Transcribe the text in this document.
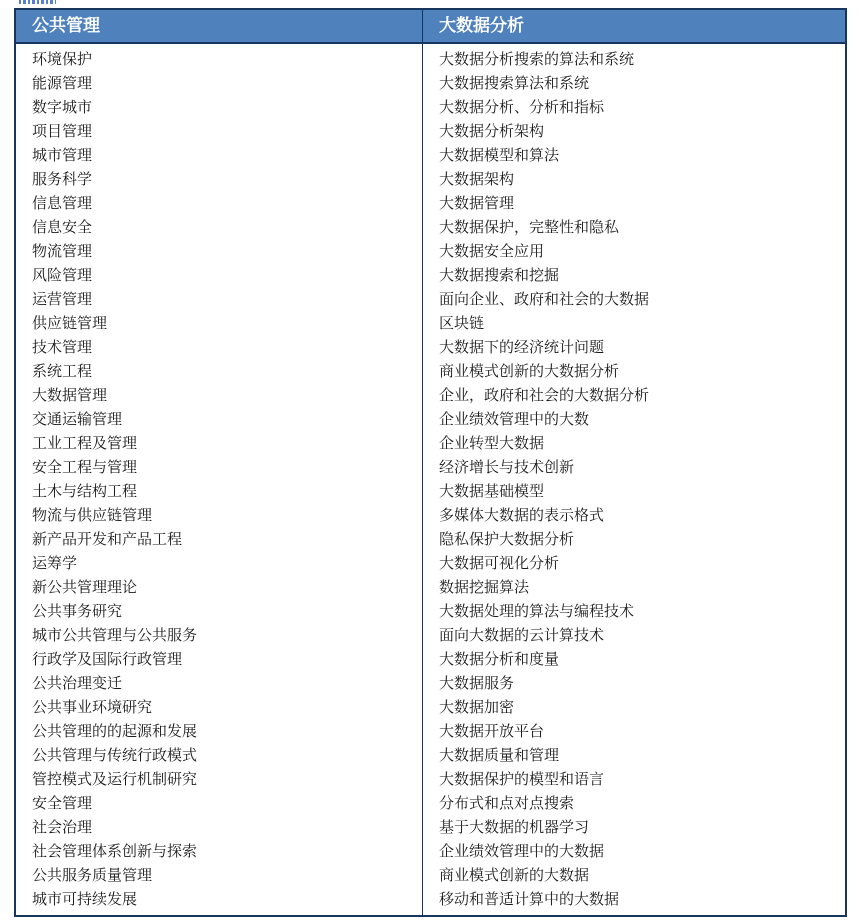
公共管理
环境保护
能源管理
数字城市
项目管理
城市管理
服务科学
信息管理
信息安全
物流管理
风险管理
运营管理
供应链管理
技术管理
系统工程
大数据管理
交通运输管理
工业工程及管理
安全工程与管理
土木与结构工程
物流与供应链管理
新产品开发和产品工程
运筹学
新公共管理理论
公共事务研究
城市公共管理与公共服务
行政学及国际行政管理
公共治理变迁
公共事业环境研究
公共管理的的起源和发展
公共管理与传统行政模式
管控模式及运行机制研究
安全管理
社会治理
社会管理体系创新与探索
公共服务质量管理
城市可持续发展
大数据分析
大数据分析搜索的算法和系统
大数据搜索算法和系统
大数据分析、分析和指标
大数据分析架构
大数据模型和算法
大数据架构
大数据管理
大数据保护，完整性和隐私
大数据安全应用
大数据搜索和挖掘
面向企业、政府和社会的大数据
区块链
大数据下的经济统计问题
商业模式创新的大数据分析
企业，政府和社会的大数据分析
企业绩效管理中的大数
企业转型大数据
经济增长与技术创新
大数据基础模型
多媒体大数据的表示格式
隐私保护大数据分析
大数据可视化分析
数据挖掘算法
大数据处理的算法与编程技术
面向大数据的云计算技术
大数据分析和度量
大数据服务
大数据加密
大数据开放平台
大数据质量和管理
大数据保护的模型和语言
分布式和点对点搜索
基于大数据的机器学习
企业绩效管理中的大数据
商业模式创新的大数据
移动和普适计算中的大数据
